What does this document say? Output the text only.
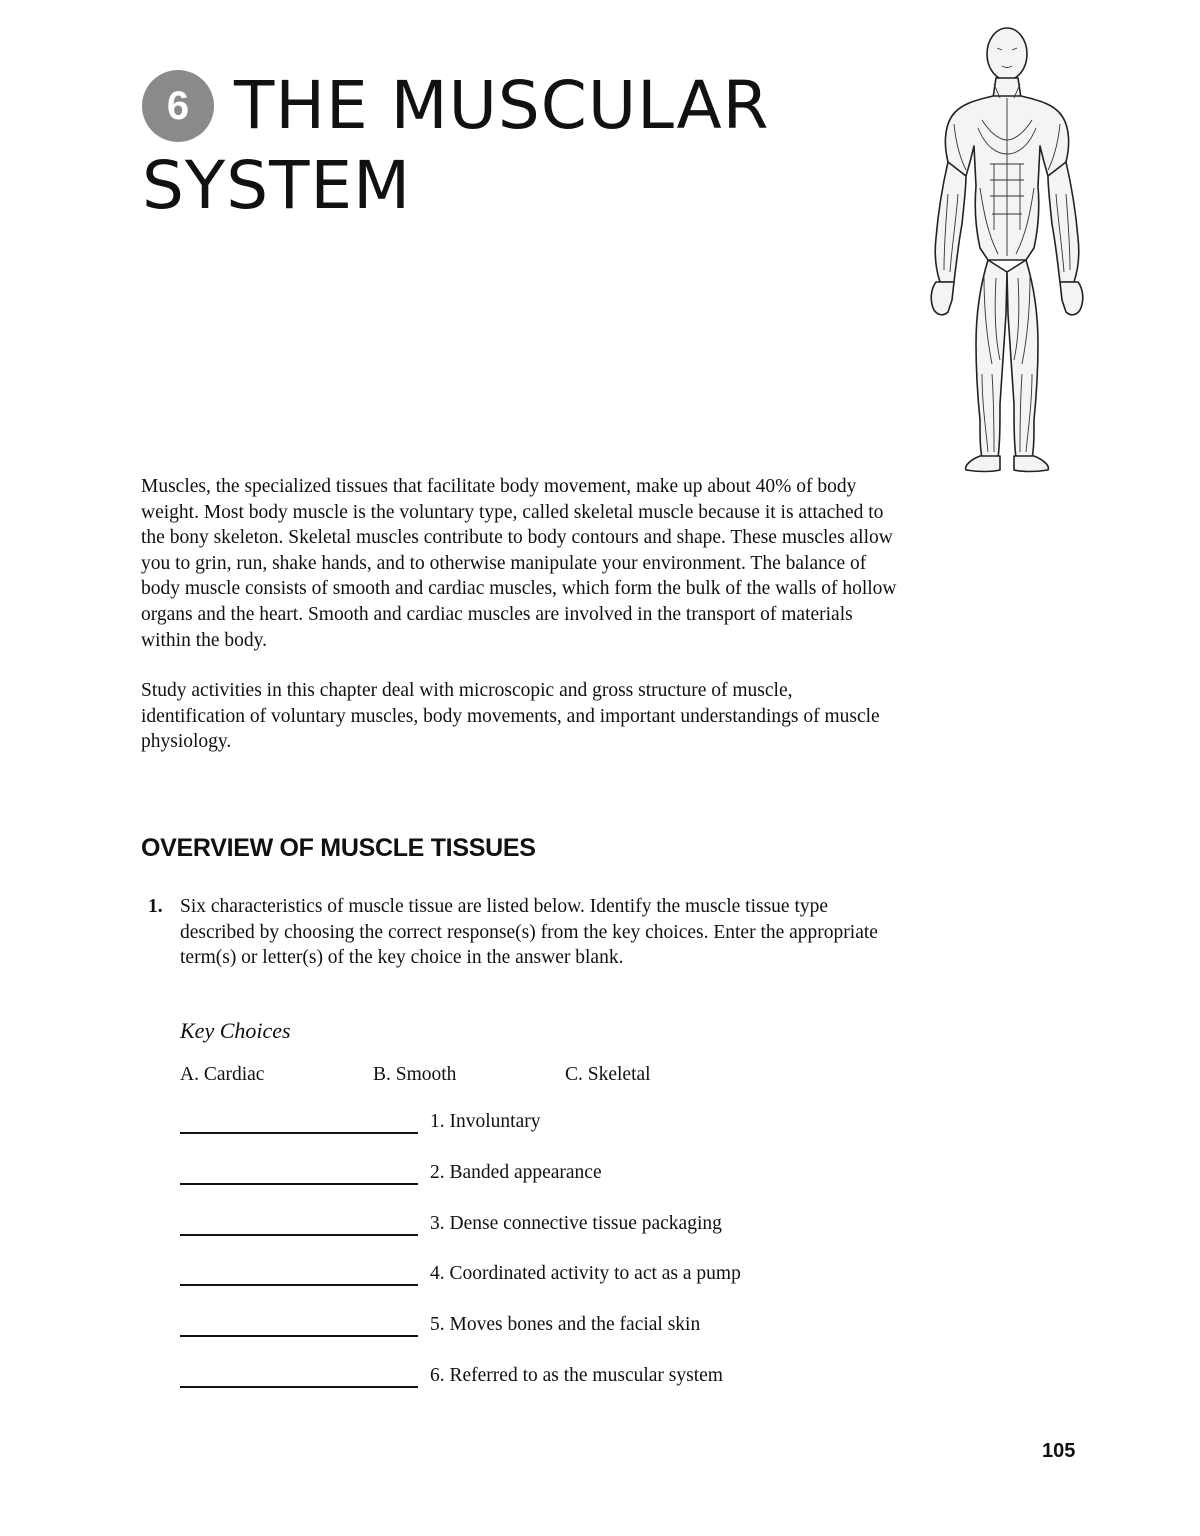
6 THE MUSCULAR SYSTEM

Muscles, the specialized tissues that facilitate body movement, make up about 40% of body weight. Most body muscle is the voluntary type, called skeletal muscle because it is attached to the bony skeleton. Skeletal muscles contribute to body contours and shape. These muscles allow you to grin, run, shake hands, and to otherwise manipulate your environment. The balance of body muscle consists of smooth and cardiac muscles, which form the bulk of the walls of hollow organs and the heart. Smooth and cardiac muscles are involved in the transport of materials within the body.

Study activities in this chapter deal with microscopic and gross structure of muscle, identification of voluntary muscles, body movements, and important understandings of muscle physiology.

OVERVIEW OF MUSCLE TISSUES
1. Six characteristics of muscle tissue are listed below. Identify the muscle tissue type described by choosing the correct response(s) from the key choices. Enter the appropriate term(s) or letter(s) of the key choice in the answer blank.

Key Choices
A. Cardiac	B. Smooth	C. Skeletal
1. Involuntary
2. Banded appearance
3. Dense connective tissue packaging
4. Coordinated activity to act as a pump
5. Moves bones and the facial skin
6. Referred to as the muscular system
105
